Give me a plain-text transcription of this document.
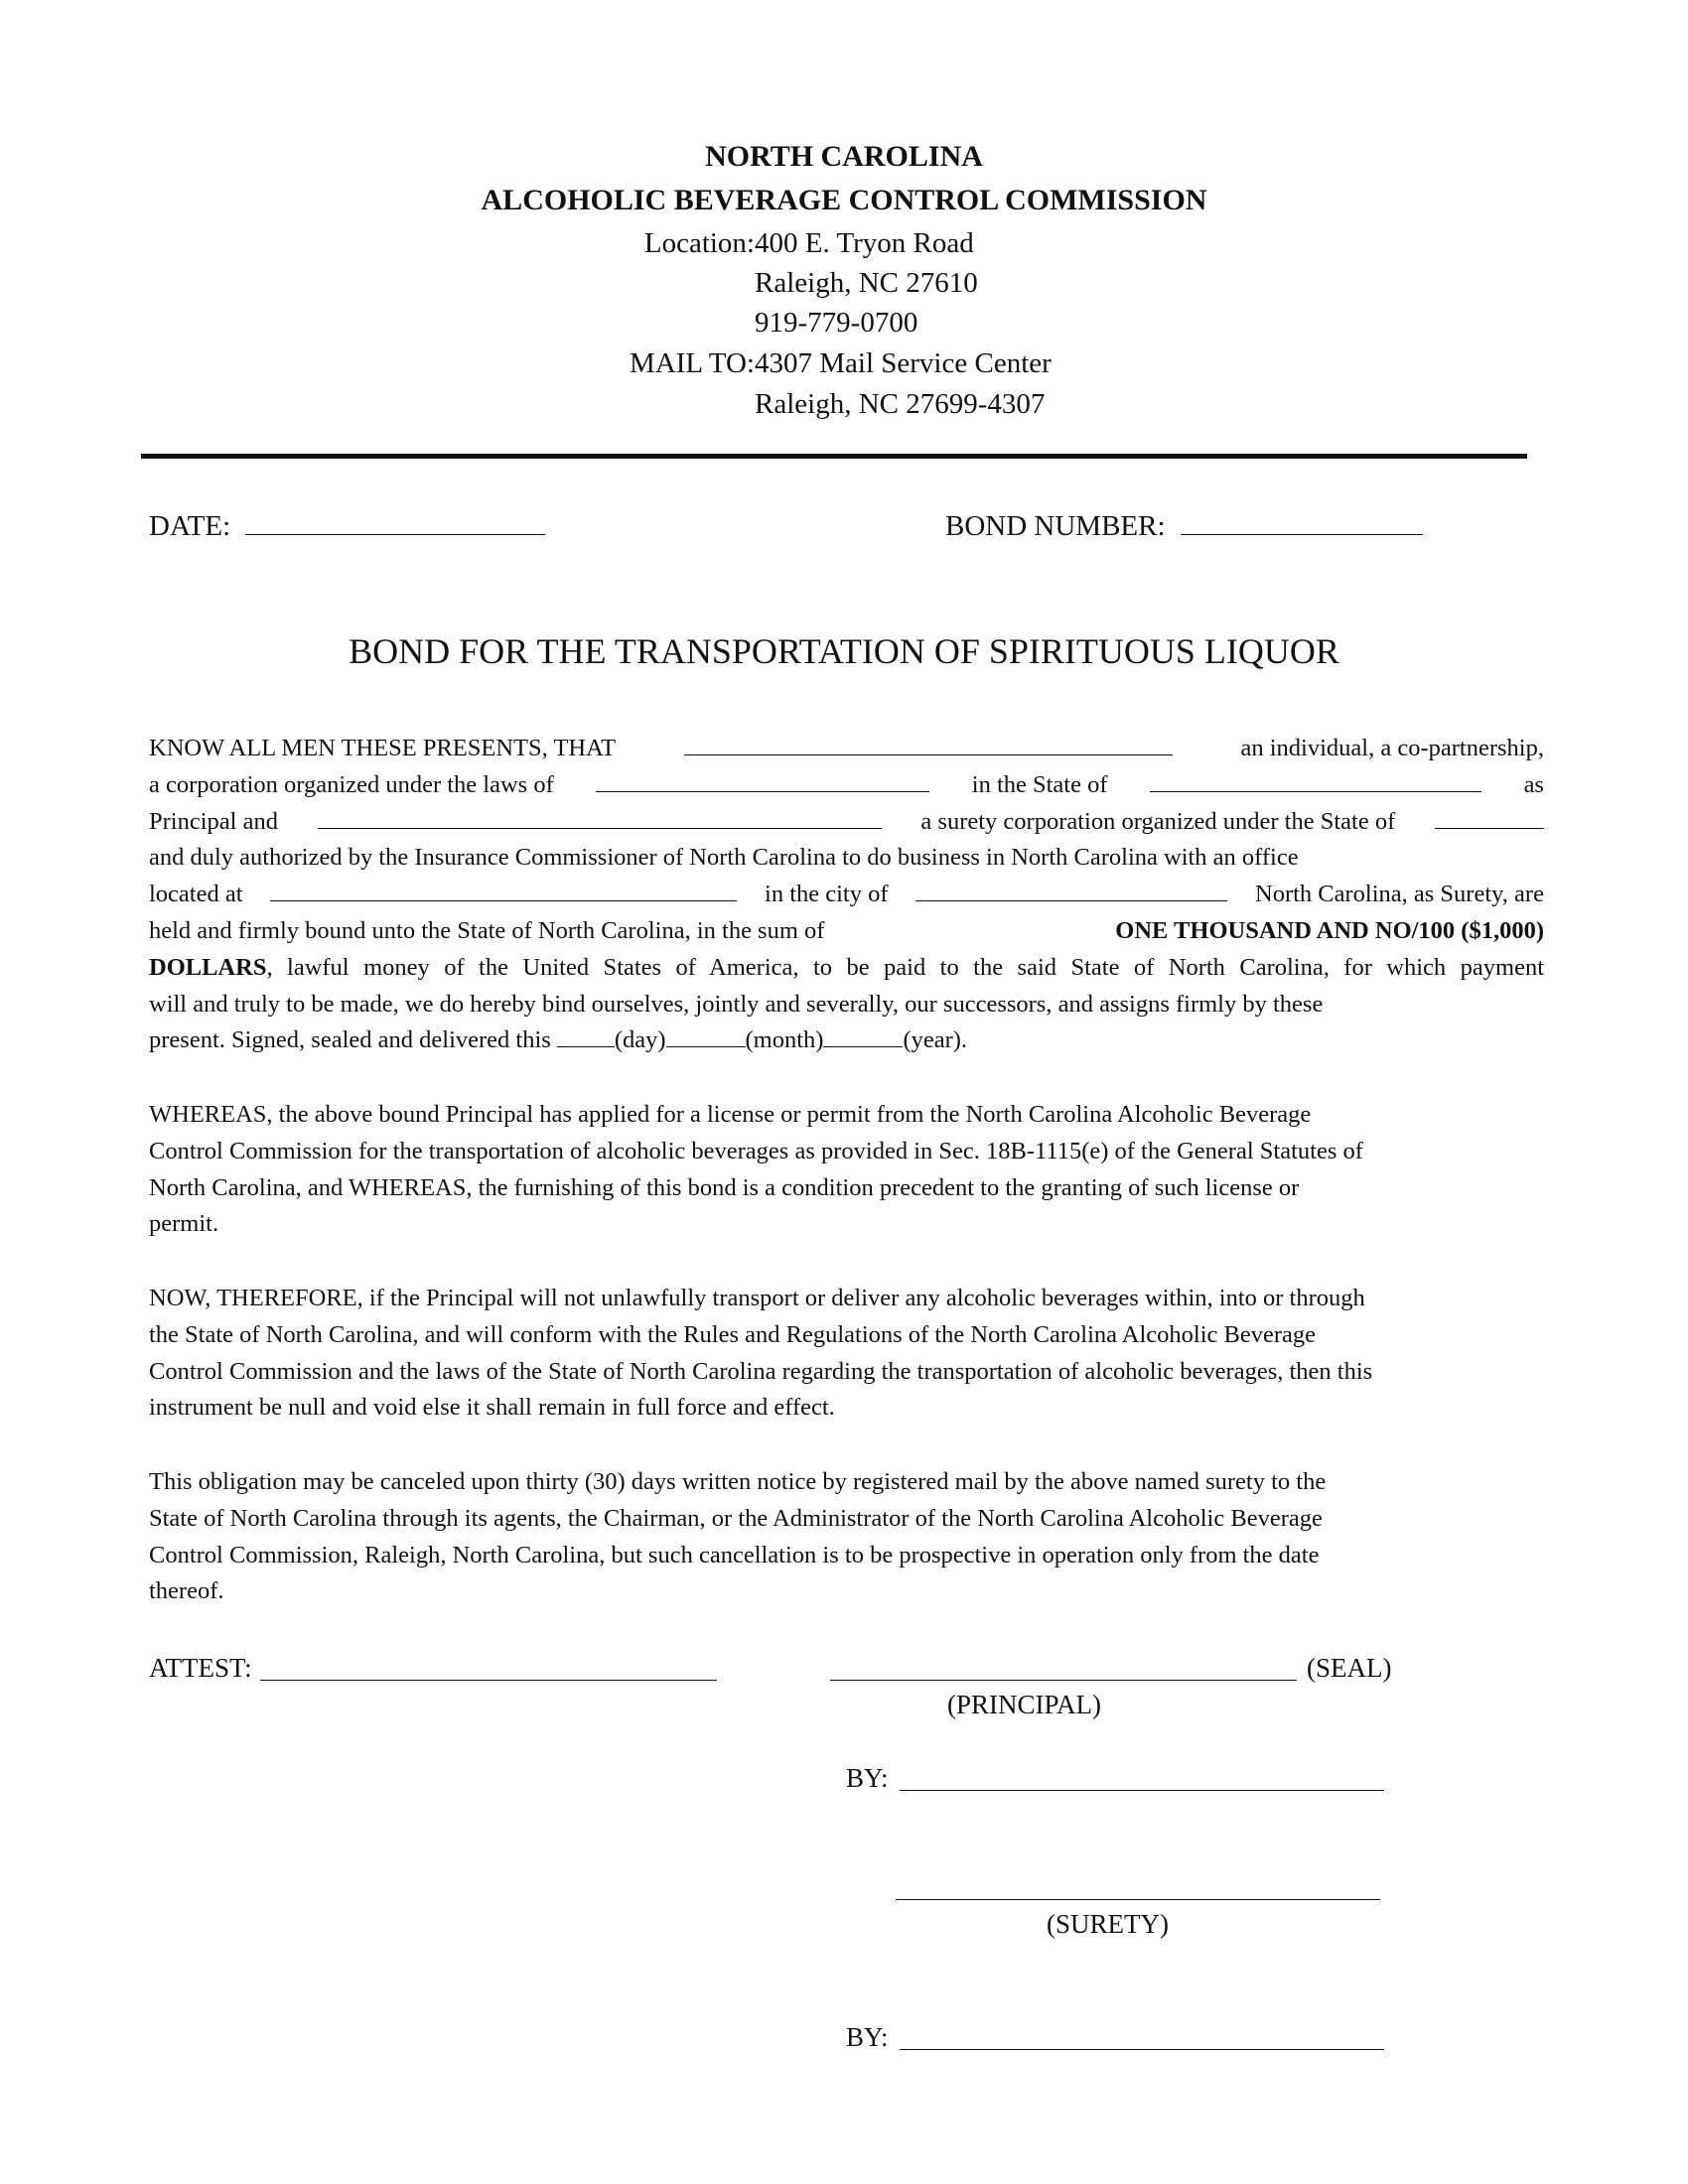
NORTH CAROLINA
ALCOHOLIC BEVERAGE CONTROL COMMISSION
Location: 400 E. Tryon Road
Raleigh, NC 27610
919-779-0700
MAIL TO: 4307 Mail Service Center
Raleigh, NC 27699-4307
DATE:	BOND NUMBER:
BOND FOR THE TRANSPORTATION OF SPIRITUOUS LIQUOR
KNOW ALL MEN THESE PRESENTS, THAT	an individual, a co-partnership,
a corporation organized under the laws of	in the State of	as
Principal and	a surety corporation organized under the State of
and duly authorized by the Insurance Commissioner of North Carolina to do business in North Carolina with an office
located at	in the city of	North Carolina, as Surety, are
held and firmly bound unto the State of North Carolina, in the sum of	ONE THOUSAND AND NO/100 ($1,000)
DOLLARS , lawful money of the United States of America, to be paid to the said State of North Carolina, for which payment
will and truly to be made, we do hereby bind ourselves, jointly and severally, our successors, and assigns firmly by these
present. Signed, sealed and delivered this	(day)	(month)	(year).
WHEREAS, the above bound Principal has applied for a license or permit from the North Carolina Alcoholic Beverage
Control Commission for the transportation of alcoholic beverages as provided in Sec. 18B-1115(e) of the General Statutes of
North Carolina, and WHEREAS, the furnishing of this bond is a condition precedent to the granting of such license or
permit.
NOW, THEREFORE, if the Principal will not unlawfully transport or deliver any alcoholic beverages within, into or through
the State of North Carolina, and will conform with the Rules and Regulations of the North Carolina Alcoholic Beverage
Control Commission and the laws of the State of North Carolina regarding the transportation of alcoholic beverages, then this
instrument be null and void else it shall remain in full force and effect.
This obligation may be canceled upon thirty (30) days written notice by registered mail by the above named surety to the
State of North Carolina through its agents, the Chairman, or the Administrator of the North Carolina Alcoholic Beverage
Control Commission, Raleigh, North Carolina, but such cancellation is to be prospective in operation only from the date
thereof.
ATTEST:	(SEAL)
(PRINCIPAL)
BY:
(SURETY)
BY:
